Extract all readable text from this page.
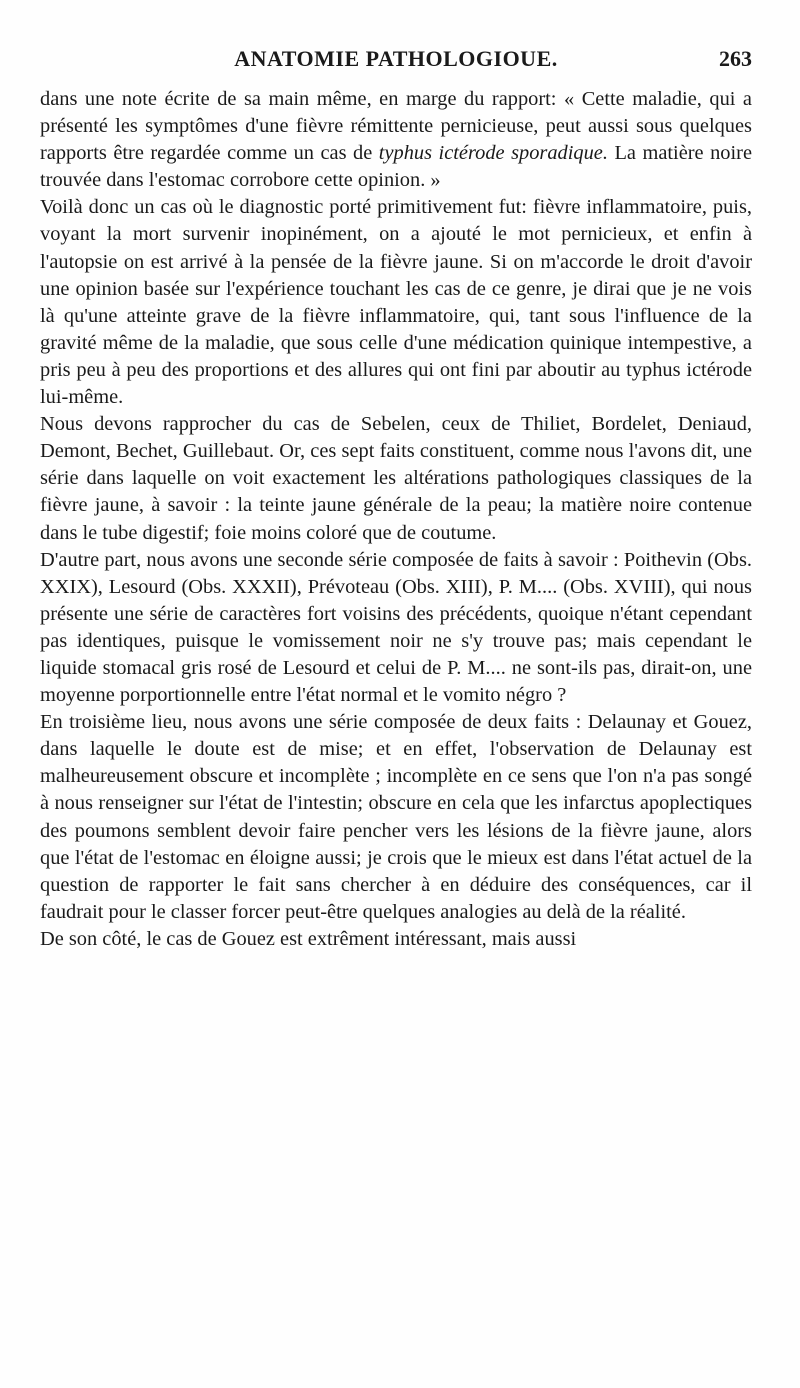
ANATOMIE PATHOLOGIOUE.	263

dans une note écrite de sa main même, en marge du rapport: « Cette maladie, qui a présenté les symptômes d'une fièvre rémittente pernicieuse, peut aussi sous quelques rapports être regardée comme un cas de typhus ictérode sporadique. La matière noire trouvée dans l'estomac corrobore cette opinion. »

Voilà donc un cas où le diagnostic porté primitivement fut: fièvre inflammatoire, puis, voyant la mort survenir inopinément, on a ajouté le mot pernicieux, et enfin à l'autopsie on est arrivé à la pensée de la fièvre jaune. Si on m'accorde le droit d'avoir une opinion basée sur l'expérience touchant les cas de ce genre, je dirai que je ne vois là qu'une atteinte grave de la fièvre inflammatoire, qui, tant sous l'influence de la gravité même de la maladie, que sous celle d'une médication quinique intempestive, a pris peu à peu des proportions et des allures qui ont fini par aboutir au typhus ictérode lui-même.

Nous devons rapprocher du cas de Sebelen, ceux de Thiliet, Bordelet, Deniaud, Demont, Bechet, Guillebaut. Or, ces sept faits constituent, comme nous l'avons dit, une série dans laquelle on voit exactement les altérations pathologiques classiques de la fièvre jaune, à savoir : la teinte jaune générale de la peau; la matière noire contenue dans le tube digestif; foie moins coloré que de coutume.

D'autre part, nous avons une seconde série composée de faits à savoir : Poithevin (Obs. XXIX), Lesourd (Obs. XXXII), Prévoteau (Obs. XIII), P. M.... (Obs. XVIII), qui nous présente une série de caractères fort voisins des précédents, quoique n'étant cependant pas identiques, puisque le vomissement noir ne s'y trouve pas; mais cependant le liquide stomacal gris rosé de Lesourd et celui de P. M.... ne sont-ils pas, dirait-on, une moyenne porportionnelle entre l'état normal et le vomito négro ?

En troisième lieu, nous avons une série composée de deux faits : Delaunay et Gouez, dans laquelle le doute est de mise; et en effet, l'observation de Delaunay est malheureusement obscure et incomplète ; incomplète en ce sens que l'on n'a pas songé à nous renseigner sur l'état de l'intestin; obscure en cela que les infarctus apoplectiques des poumons semblent devoir faire pencher vers les lésions de la fièvre jaune, alors que l'état de l'estomac en éloigne aussi; je crois que le mieux est dans l'état actuel de la question de rapporter le fait sans chercher à en déduire des conséquences, car il faudrait pour le classer forcer peut-être quelques analogies au delà de la réalité.

De son côté, le cas de Gouez est extrêment intéressant, mais aussi
